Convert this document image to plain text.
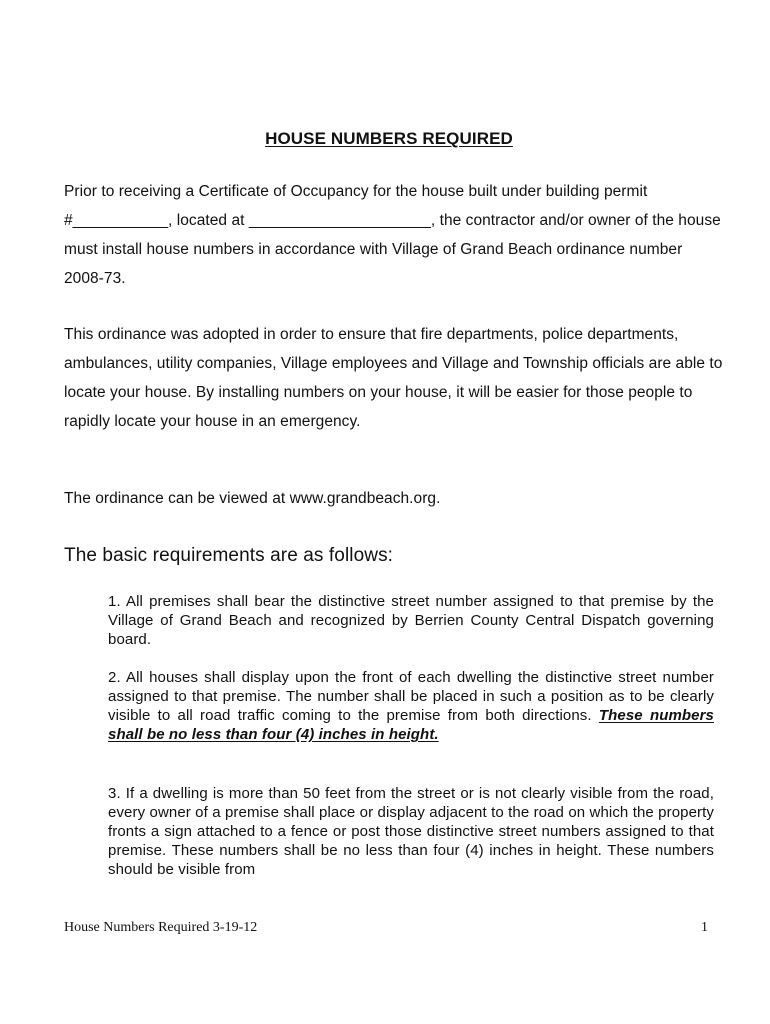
HOUSE NUMBERS REQUIRED

Prior to receiving a Certificate of Occupancy for the house built under building permit #___________, located at _____________________, the contractor and/or owner of the house must install house numbers in accordance with Village of Grand Beach ordinance number 2008-73.

This ordinance was adopted in order to ensure that fire departments, police departments, ambulances, utility companies, Village employees and Village and Township officials are able to locate your house. By installing numbers on your house, it will be easier for those people to rapidly locate your house in an emergency.

The ordinance can be viewed at www.grandbeach.org.

The basic requirements are as follows:

1. All premises shall bear the distinctive street number assigned to that premise by the Village of Grand Beach and recognized by Berrien County Central Dispatch governing board.

2. All houses shall display upon the front of each dwelling the distinctive street number assigned to that premise. The number shall be placed in such a position as to be clearly visible to all road traffic coming to the premise from both directions. These numbers shall be no less than four (4) inches in height.

3. If a dwelling is more than 50 feet from the street or is not clearly visible from the road, every owner of a premise shall place or display adjacent to the road on which the property fronts a sign attached to a fence or post those distinctive street numbers assigned to that premise. These numbers shall be no less than four (4) inches in height. These numbers should be visible from

House Numbers Required 3-19-12	1
